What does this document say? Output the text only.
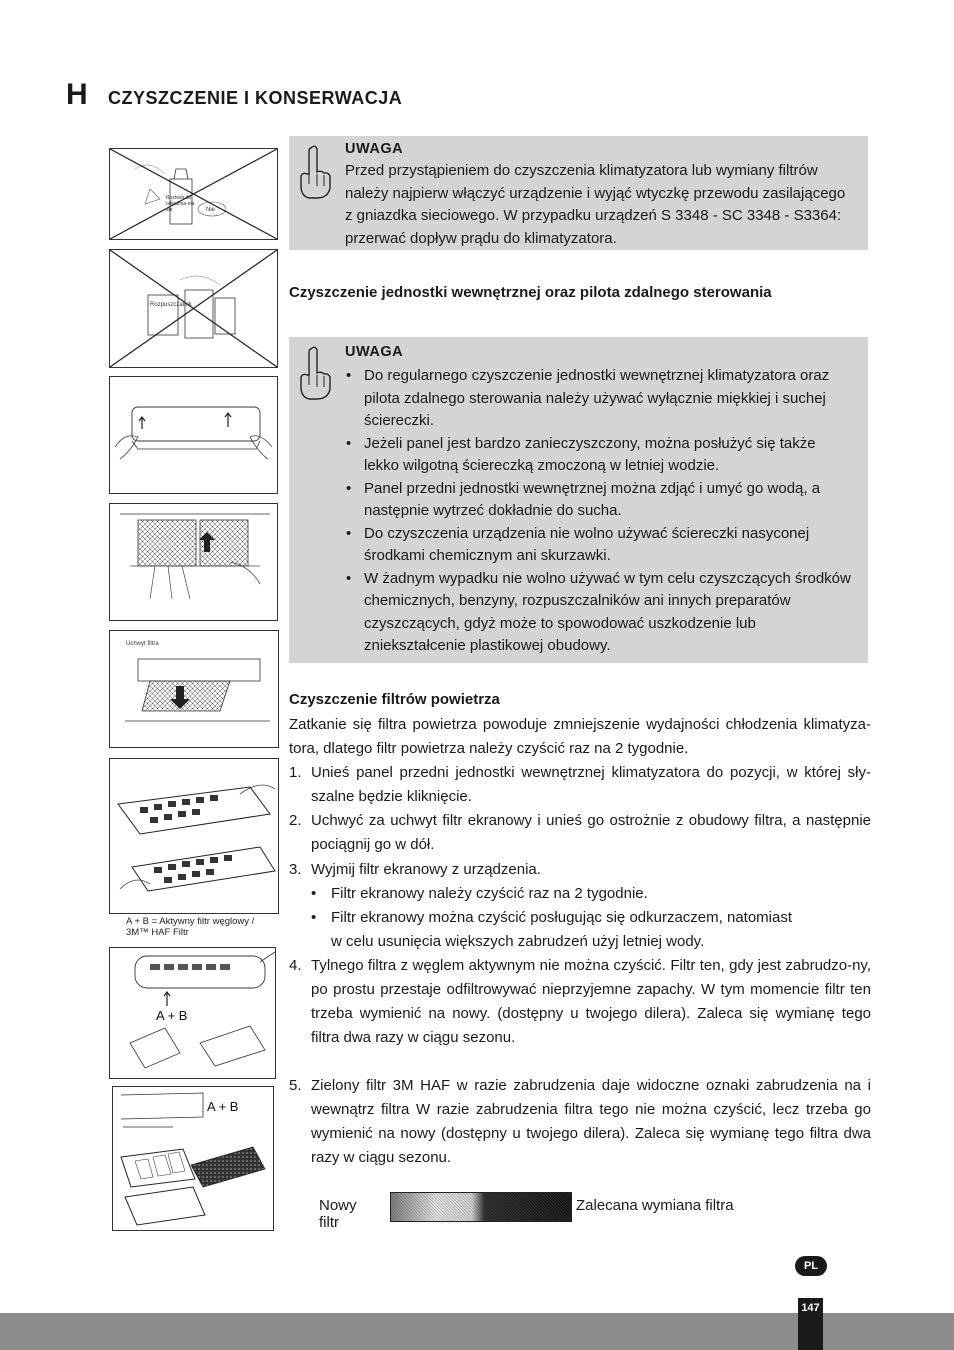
H CZYSZCZENIE I KONSERWACJA
Roztwór do odkaźnia-nia sur	Nie
Rozpuszczalnik
Uchwyt filtra
A + B = Aktywny filtr węglowy / 3M™ HAF Filtr
A + B
A + B
UWAGA
Przed przystąpieniem do czyszczenia klimatyzatora lub wymiany filtrów
należy najpierw włączyć urządzenie i wyjąć wtyczkę przewodu zasilającego
z gniazdka sieciowego. W przypadku urządzeń S 3348 - SC 3348 - S3364:
przerwać dopływ prądu do klimatyzatora.
Czyszczenie jednostki wewnętrznej oraz pilota zdalnego sterowania
UWAGA
• Do regularnego czyszczenie jednostki wewnętrznej klimatyzatora oraz pilota zdalnego sterowania należy używać wyłącznie miękkiej i suchej ściereczki.
• Jeżeli panel jest bardzo zanieczyszczony, można posłużyć się także lekko wilgotną ściereczką zmoczoną w letniej wodzie.
• Panel przedni jednostki wewnętrznej można zdjąć i umyć go wodą, a następnie wytrzeć dokładnie do sucha.
• Do czyszczenia urządzenia nie wolno używać ściereczki nasyconej środkami chemicznym ani skurzawki.
• W żadnym wypadku nie wolno używać w tym celu czyszczących środków chemicznych, benzyny, rozpuszczalników ani innych preparatów czyszczących, gdyż może to spowodować uszkodzenie lub zniekształcenie plastikowej obudowy.
Czyszczenie filtrów powietrza
Zatkanie się filtra powietrza powoduje zmniejszenie wydajności chłodzenia klimatyza-tora, dlatego filtr powietrza należy czyścić raz na 2 tygodnie.
1. Unieś panel przedni jednostki wewnętrznej klimatyzatora do pozycji, w której sły-szalne będzie kliknięcie.
2. Uchwyć za uchwyt filtr ekranowy i unieś go ostrożnie z obudowy filtra, a następnie pociągnij go w dół.
3. Wyjmij filtr ekranowy z urządzenia.
• Filtr ekranowy należy czyścić raz na 2 tygodnie.
• Filtr ekranowy można czyścić posługując się odkurzaczem, natomiast w celu usunięcia większych zabrudzeń użyj letniej wody.
4. Tylnego filtra z węglem aktywnym nie można czyścić. Filtr ten, gdy jest zabrudzo-ny, po prostu przestaje odfiltrowywać nieprzyjemne zapachy. W tym momencie filtr ten trzeba wymienić na nowy. (dostępny u twojego dilera). Zaleca się wymianę tego filtra dwa razy w ciągu sezonu.
5. Zielony filtr 3M HAF w razie zabrudzenia daje widoczne oznaki zabrudzenia na i wewnątrz filtra W razie zabrudzenia filtra tego nie można czyścić, lecz trzeba go wymienić na nowy (dostępny u twojego dilera). Zaleca się wymianę tego filtra dwa razy w ciągu sezonu.
Nowy filtr
Zalecana wymiana filtra
PL
147
